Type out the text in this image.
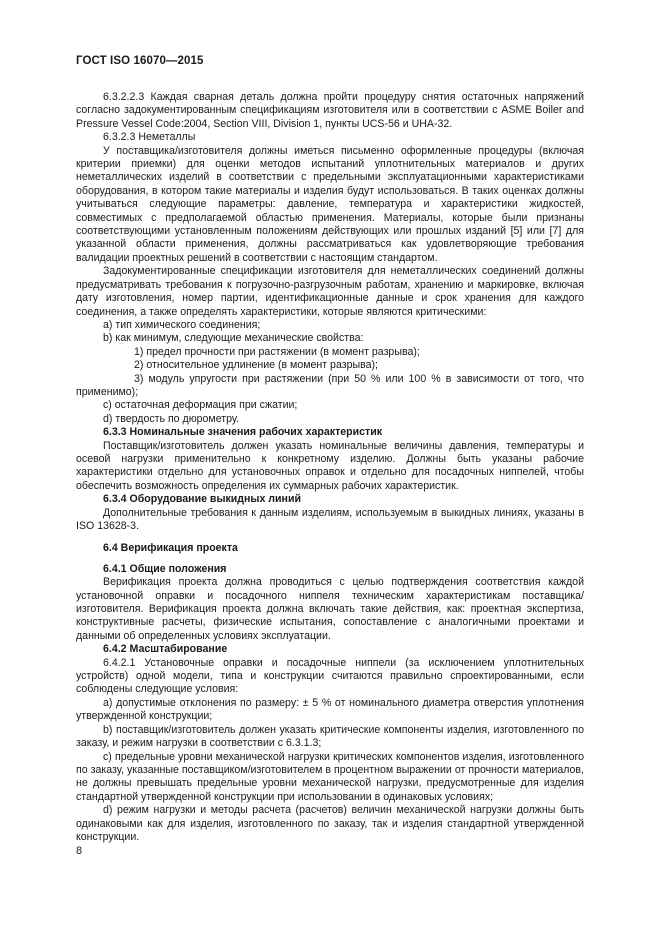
ГОСТ ISO 16070—2015

6.3.2.2.3 Каждая сварная деталь должна пройти процедуру снятия остаточных напряжений согласно задокументированным спецификациям изготовителя или в соответствии с ASME Boiler and Pressure Vessel Code:2004, Section VIII, Division 1, пункты UCS-56 и UHA-32.

6.3.2.3 Неметаллы

У поставщика/изготовителя должны иметься письменно оформленные процедуры (включая критерии приемки) для оценки методов испытаний уплотнительных материалов и других неметаллических изделий в соответствии с предельными эксплуатационными характеристиками оборудования, в котором такие материалы и изделия будут использоваться. В таких оценках должны учитываться следующие параметры: давление, температура и характеристики жидкостей, совместимых с предполагаемой областью применения. Материалы, которые были признаны соответствующими установленным положениям действующих или прошлых изданий [5] или [7] для указанной области применения, должны рассматриваться как удовлетворяющие требования валидации проектных решений в соответствии с настоящим стандартом.

Задокументированные спецификации изготовителя для неметаллических соединений должны предусматривать требования к погрузочно-разгрузочным работам, хранению и маркировке, включая дату изготовления, номер партии, идентификационные данные и срок хранения для каждого соединения, а также определять характеристики, которые являются критическими:

а) тип химического соединения;

b) как минимум, следующие механические свойства:

1) предел прочности при растяжении (в момент разрыва);

2) относительное удлинение (в момент разрыва);

3) модуль упругости при растяжении (при 50 % или 100 % в зависимости от того, что применимо);

c) остаточная деформация при сжатии;

d) твердость по дюрометру.

6.3.3 Номинальные значения рабочих характеристик

Поставщик/изготовитель должен указать номинальные величины давления, температуры и осевой нагрузки применительно к конкретному изделию. Должны быть указаны рабочие характеристики отдельно для установочных оправок и отдельно для посадочных ниппелей, чтобы обеспечить возможность определения их суммарных рабочих характеристик.

6.3.4 Оборудование выкидных линий

Дополнительные требования к данным изделиям, используемым в выкидных линиях, указаны в ISO 13628-3.

6.4 Верификация проекта

6.4.1 Общие положения

Верификация проекта должна проводиться с целью подтверждения соответствия каждой установочной оправки и посадочного ниппеля техническим характеристикам поставщика/изготовителя. Верификация проекта должна включать такие действия, как: проектная экспертиза, конструктивные расчеты, физические испытания, сопоставление с аналогичными проектами и данными об определенных условиях эксплуатации.

6.4.2 Масштабирование

6.4.2.1 Установочные оправки и посадочные ниппели (за исключением уплотнительных устройств) одной модели, типа и конструкции считаются правильно спроектированными, если соблюдены следующие условия:

а) допустимые отклонения по размеру: ± 5 % от номинального диаметра отверстия уплотнения утвержденной конструкции;

b) поставщик/изготовитель должен указать критические компоненты изделия, изготовленного по заказу, и режим нагрузки в соответствии с 6.3.1.3;

c) предельные уровни механической нагрузки критических компонентов изделия, изготовленного по заказу, указанные поставщиком/изготовителем в процентном выражении от прочности материалов, не должны превышать предельные уровни механической нагрузки, предусмотренные для изделия стандартной утвержденной конструкции при использовании в одинаковых условиях;

d) режим нагрузки и методы расчета (расчетов) величин механической нагрузки должны быть одинаковыми как для изделия, изготовленного по заказу, так и изделия стандартной утвержденной конструкции.

8
